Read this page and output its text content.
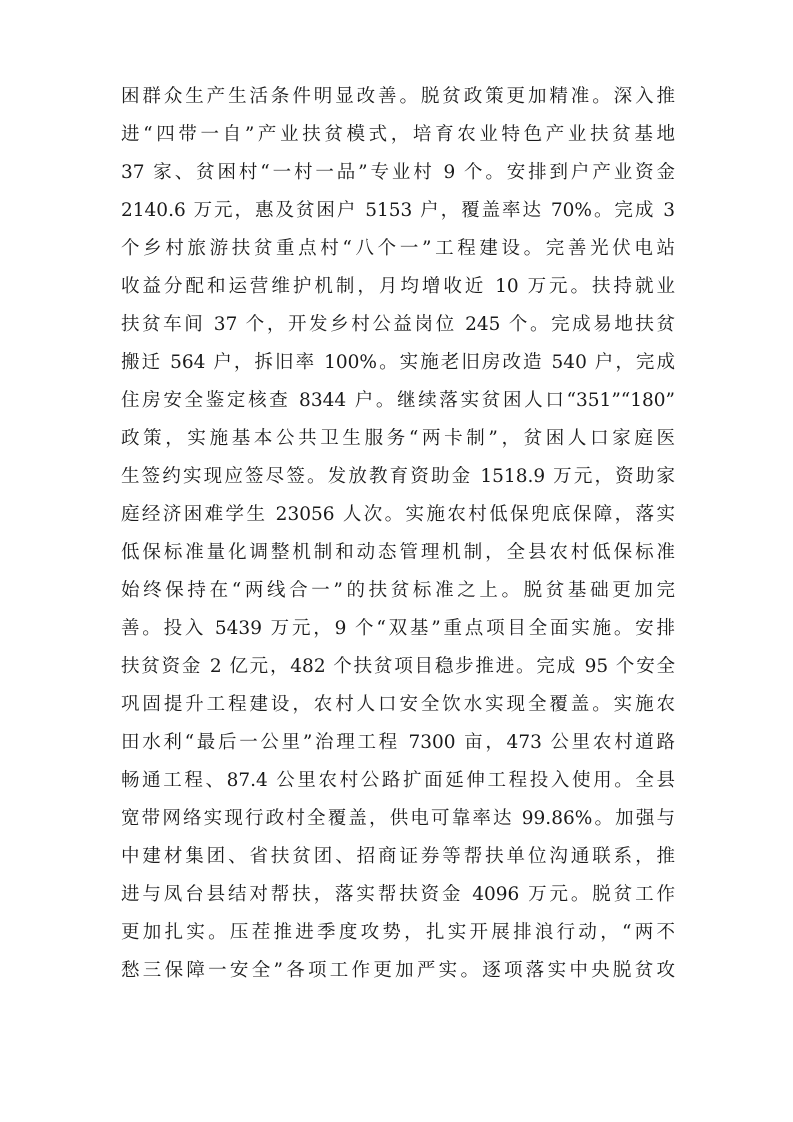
困群众生产生活条件明显改善。脱贫政策更加精准。深入推
进“四带一自”产业扶贫模式，培育农业特色产业扶贫基地
37 家、贫困村“一村一品”专业村 9 个。安排到户产业资金
2140.6 万元，惠及贫困户 5153 户，覆盖率达 70%。完成 3
个乡村旅游扶贫重点村“八个一”工程建设。完善光伏电站
收益分配和运营维护机制，月均增收近 10 万元。扶持就业
扶贫车间 37 个，开发乡村公益岗位 245 个。完成易地扶贫
搬迁 564 户，拆旧率 100%。实施老旧房改造 540 户，完成
住房安全鉴定核查 8344 户。继续落实贫困人口“351”“180”
政策，实施基本公共卫生服务“两卡制”，贫困人口家庭医
生签约实现应签尽签。发放教育资助金 1518.9 万元，资助家
庭经济困难学生 23056 人次。实施农村低保兜底保障，落实
低保标准量化调整机制和动态管理机制，全县农村低保标准
始终保持在“两线合一”的扶贫标准之上。脱贫基础更加完
善。投入 5439 万元，9 个“双基”重点项目全面实施。安排
扶贫资金 2 亿元，482 个扶贫项目稳步推进。完成 95 个安全
巩固提升工程建设，农村人口安全饮水实现全覆盖。实施农
田水利“最后一公里”治理工程 7300 亩，473 公里农村道路
畅通工程、87.4 公里农村公路扩面延伸工程投入使用。全县
宽带网络实现行政村全覆盖，供电可靠率达 99.86%。加强与
中建材集团、省扶贫团、招商证券等帮扶单位沟通联系，推
进与凤台县结对帮扶，落实帮扶资金 4096 万元。脱贫工作
更加扎实。压茬推进季度攻势，扎实开展排浪行动，“两不
愁三保障一安全”各项工作更加严实。逐项落实中央脱贫攻
